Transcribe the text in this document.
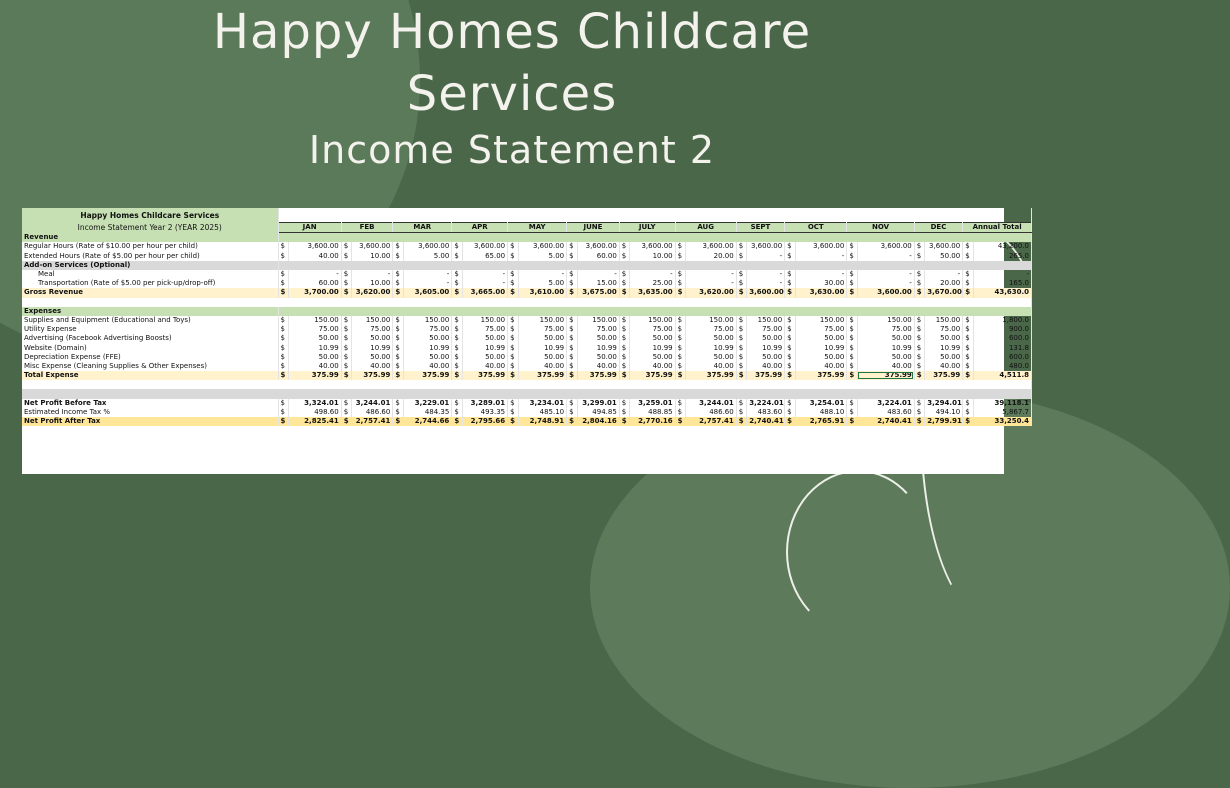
Happy Homes Childcare
Services
Income Statement 2
Happy Homes Childcare Services																										
Income Statement Year 2 (YEAR 2025)	JAN		FEB		MAR		APR		MAY		JUNE		JULY		AUG		SEPT		OCT		NOV		DEC		Annual Total	
Revenue																										
Regular Hours (Rate of $10.00 per hour per child)	$	3,600.00	$	3,600.00	$	3,600.00	$	3,600.00	$	3,600.00	$	3,600.00	$	3,600.00	$	3,600.00	$	3,600.00	$	3,600.00	$	3,600.00	$	3,600.00	$	43,200.0
Extended Hours (Rate of $5.00 per hour per child)	$	40.00	$	10.00	$	5.00	$	65.00	$	5.00	$	60.00	$	10.00	$	20.00	$	-	$	-	$	-	$	50.00	$	265.0
Add-on Services (Optional)																										
Meal	$	-	$	-	$	-	$	-	$	-	$	-	$	-	$	-	$	-	$	-	$	-	$	-	$	-
Transportation (Rate of $5.00 per pick-up/drop-off)	$	60.00	$	10.00	$	-	$	-	$	5.00	$	15.00	$	25.00	$	-	$	-	$	30.00	$	-	$	20.00	$	165.0
Gross Revenue	$	3,700.00	$	3,620.00	$	3,605.00	$	3,665.00	$	3,610.00	$	3,675.00	$	3,635.00	$	3,620.00	$	3,600.00	$	3,630.00	$	3,600.00	$	3,670.00	$	43,630.0

Expenses																										
Supplies and Equipment (Educational and Toys)	$	150.00	$	150.00	$	150.00	$	150.00	$	150.00	$	150.00	$	150.00	$	150.00	$	150.00	$	150.00	$	150.00	$	150.00	$	1,800.0
Utility Expense	$	75.00	$	75.00	$	75.00	$	75.00	$	75.00	$	75.00	$	75.00	$	75.00	$	75.00	$	75.00	$	75.00	$	75.00	$	900.0
Advertising (Facebook Advertising Boosts)	$	50.00	$	50.00	$	50.00	$	50.00	$	50.00	$	50.00	$	50.00	$	50.00	$	50.00	$	50.00	$	50.00	$	50.00	$	600.0
Website (Domain)	$	10.99	$	10.99	$	10.99	$	10.99	$	10.99	$	10.99	$	10.99	$	10.99	$	10.99	$	10.99	$	10.99	$	10.99	$	131.8
Depreciation Expense (FFE)	$	50.00	$	50.00	$	50.00	$	50.00	$	50.00	$	50.00	$	50.00	$	50.00	$	50.00	$	50.00	$	50.00	$	50.00	$	600.0
Misc Expense (Cleaning Supplies & Other Expenses)	$	40.00	$	40.00	$	40.00	$	40.00	$	40.00	$	40.00	$	40.00	$	40.00	$	40.00	$	40.00	$	40.00	$	40.00	$	480.0
Total Expense	$	375.99	$	375.99	$	375.99	$	375.99	$	375.99	$	375.99	$	375.99	$	375.99	$	375.99	$	375.99	$	375.99	$	375.99	$	4,511.8

Net Profit Before Tax	$	3,324.01	$	3,244.01	$	3,229.01	$	3,289.01	$	3,234.01	$	3,299.01	$	3,259.01	$	3,244.01	$	3,224.01	$	3,254.01	$	3,224.01	$	3,294.01	$	39,118.1
Estimated Income Tax %	$	498.60	$	486.60	$	484.35	$	493.35	$	485.10	$	494.85	$	488.85	$	486.60	$	483.60	$	488.10	$	483.60	$	494.10	$	5,867.7
Net Profit After Tax	$	2,825.41	$	2,757.41	$	2,744.66	$	2,795.66	$	2,748.91	$	2,804.16	$	2,770.16	$	2,757.41	$	2,740.41	$	2,765.91	$	2,740.41	$	2,799.91	$	33,250.4
